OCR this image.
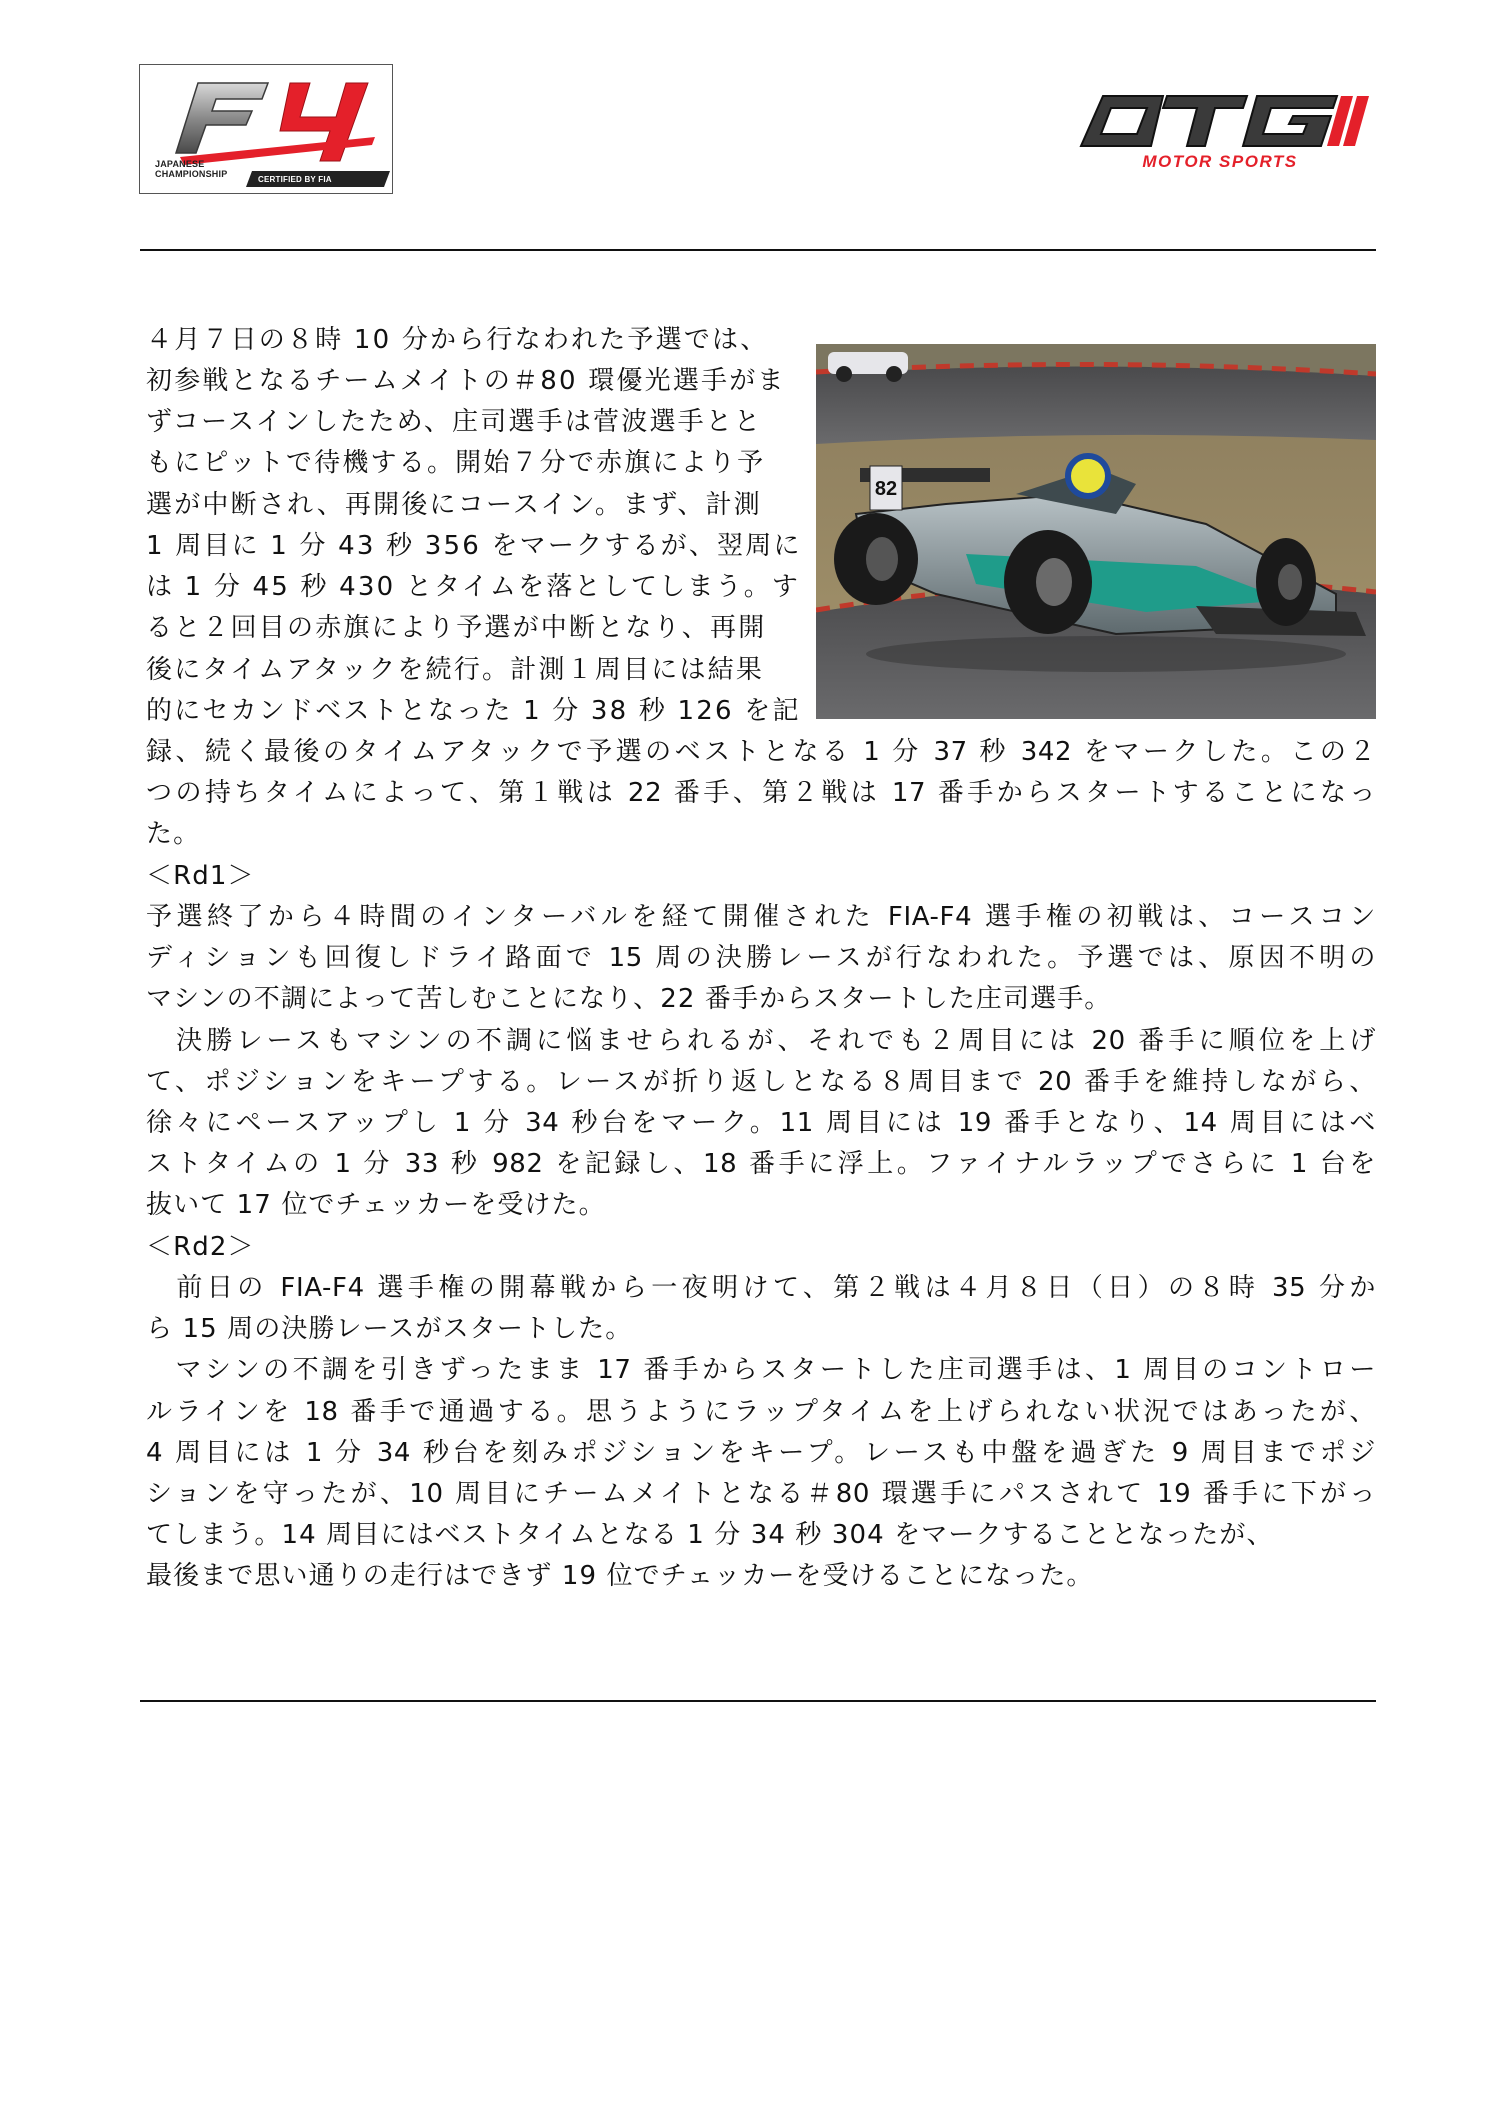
JAPANESE
CHAMPIONSHIP
CERTIFIED BY FIA
MOTOR SPORTS
82
４月７日の８時 10 分から行なわれた予選では、
初参戦となるチームメイトの＃80 環優光選手がま
ずコースインしたため、庄司選手は菅波選手とと
もにピットで待機する。開始７分で赤旗により予
選が中断され、再開後にコースイン。まず、計測
1 周目に 1 分 43 秒 356 をマークするが、翌周に
は 1 分 45 秒 430 とタイムを落としてしまう。す
ると２回目の赤旗により予選が中断となり、再開
後にタイムアタックを続行。計測１周目には結果
的にセカンドベストとなった 1 分 38 秒 126 を記
録、続く最後のタイムアタックで予選のベストとなる 1 分 37 秒 342 をマークした。この２
つの持ちタイムによって、第１戦は 22 番手、第２戦は 17 番手からスタートすることになっ
た。
＜Rd1＞
予選終了から４時間のインターバルを経て開催された FIA-F4 選手権の初戦は、コースコン
ディションも回復しドライ路面で 15 周の決勝レースが行なわれた。予選では、原因不明の
マシンの不調によって苦しむことになり、22 番手からスタートした庄司選手。
　決勝レースもマシンの不調に悩ませられるが、それでも２周目には 20 番手に順位を上げ
て、ポジションをキープする。レースが折り返しとなる８周目まで 20 番手を維持しながら、
徐々にペースアップし 1 分 34 秒台をマーク。11 周目には 19 番手となり、14 周目にはベ
ストタイムの 1 分 33 秒 982 を記録し、18 番手に浮上。ファイナルラップでさらに 1 台を
抜いて 17 位でチェッカーを受けた。
＜Rd2＞
　前日の FIA-F4 選手権の開幕戦から一夜明けて、第２戦は４月８日（日）の８時 35 分か
ら 15 周の決勝レースがスタートした。
　マシンの不調を引きずったまま 17 番手からスタートした庄司選手は、1 周目のコントロー
ルラインを 18 番手で通過する。思うようにラップタイムを上げられない状況ではあったが、
4 周目には 1 分 34 秒台を刻みポジションをキープ。レースも中盤を過ぎた 9 周目までポジ
ションを守ったが、10 周目にチームメイトとなる＃80 環選手にパスされて 19 番手に下がっ
てしまう。14 周目にはベストタイムとなる 1 分 34 秒 304 をマークすることとなったが、
最後まで思い通りの走行はできず 19 位でチェッカーを受けることになった。
